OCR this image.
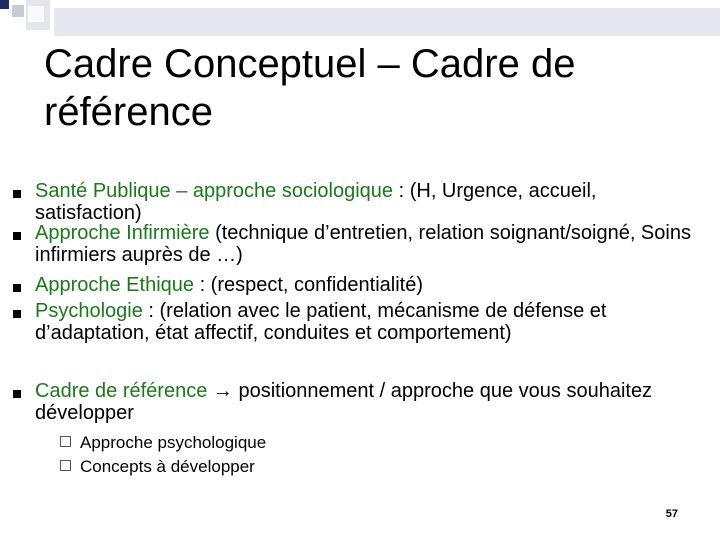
Cadre Conceptuel – Cadre de référence
Santé Publique – approche sociologique : (H, Urgence, accueil, satisfaction)
Approche Infirmière (technique d’entretien, relation soignant/soigné, Soins infirmiers auprès de …)
Approche Ethique : (respect, confidentialité)
Psychologie : (relation avec le patient, mécanisme de défense et d’adaptation, état affectif, conduites et comportement)
Cadre de référence → positionnement / approche que vous souhaitez développer
Approche psychologique
Concepts à développer
57
